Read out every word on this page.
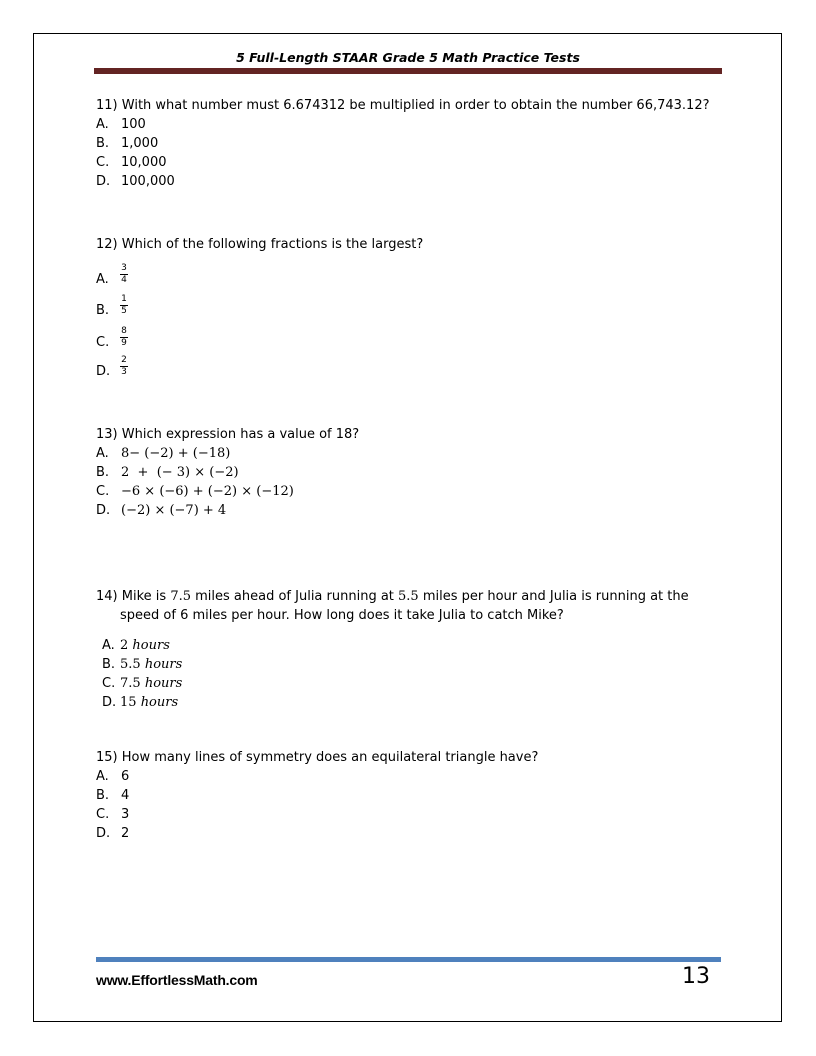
5 Full-Length STAAR Grade 5 Math Practice Tests
11) With what number must 6.674312 be multiplied in order to obtain the number 66,743.12?
A. 100
B. 1,000
C. 10,000
D. 100,000
12) Which of the following fractions is the largest?
A.	$\frac{3}{4}$
B.	$\frac{1}{5}$
C.	$\frac{8}{9}$
D.	$\frac{2}{3}$
13) Which expression has a value of 18?
A. 8− (−2) + (−18)
B. 2  +  (− 3) × (−2)
C. −6 × (−6) + (−2) × (−12)
D. (−2) × (−7) + 4
14) Mike is 7.5 miles ahead of Julia running at 5.5 miles per hour and Julia is running at the speed of 6 miles per hour. How long does it take Julia to catch Mike?
A. 2 hours
B. 5.5 hours
C. 7.5 hours
D. 15 hours
15) How many lines of symmetry does an equilateral triangle have?
A. 6
B. 4
C. 3
D. 2
www.EffortlessMath.com	13
